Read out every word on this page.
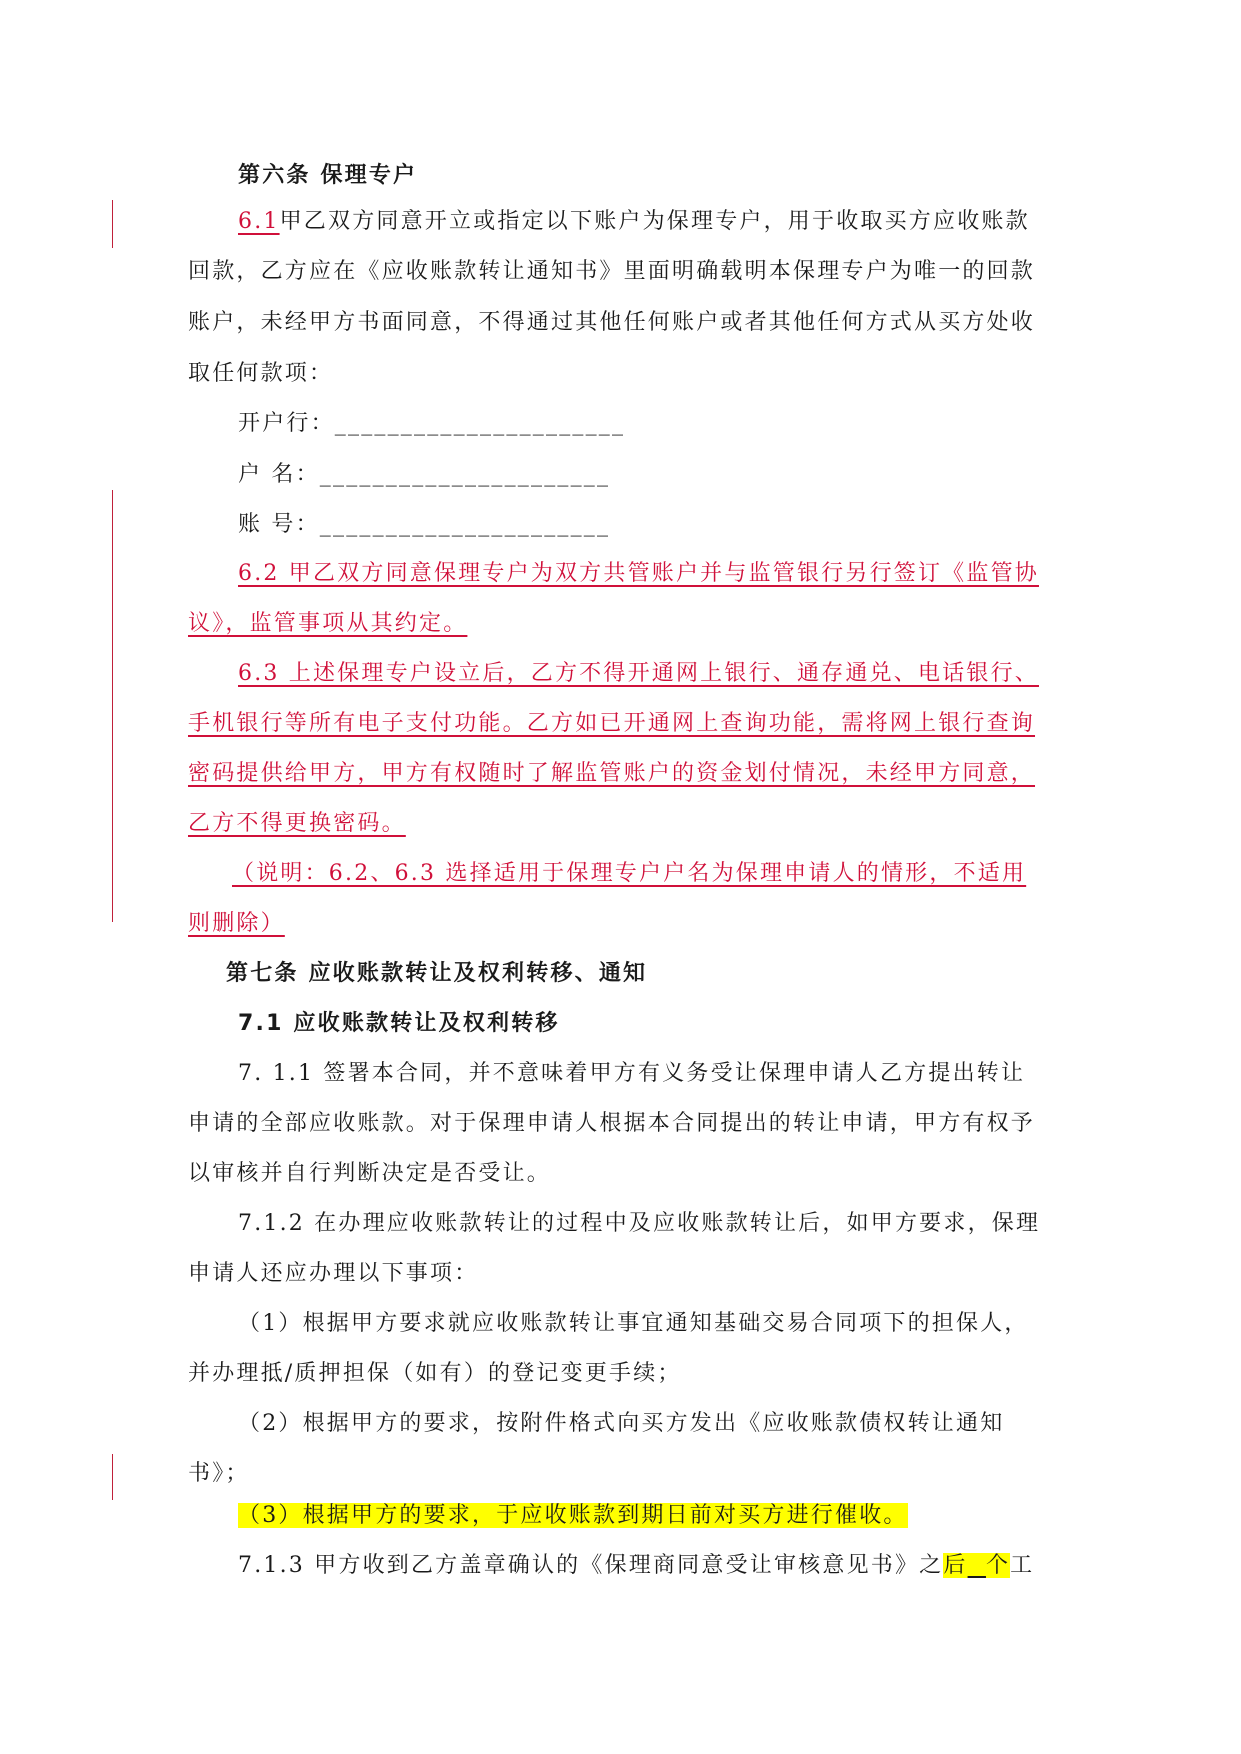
第六条 保理专户
6.1甲乙双方同意开立或指定以下账户为保理专户，用于收取买方应收账款
回款，乙方应在《应收账款转让通知书》里面明确载明本保理专户为唯一的回款
账户，未经甲方书面同意，不得通过其他任何账户或者其他任何方式从买方处收
取任何款项：
开户行：______________________
户 名：______________________
账 号：______________________
6.2 甲乙双方同意保理专户为双方共管账户并与监管银行另行签订《监管协
议》，监管事项从其约定。
6.3 上述保理专户设立后，乙方不得开通网上银行、通存通兑、电话银行、
手机银行等所有电子支付功能。乙方如已开通网上查询功能，需将网上银行查询
密码提供给甲方，甲方有权随时了解监管账户的资金划付情况，未经甲方同意，
乙方不得更换密码。
（说明：6.2、6.3 选择适用于保理专户户名为保理申请人的情形，不适用
则删除）
第七条 应收账款转让及权利转移、通知
7.1 应收账款转让及权利转移
7. 1.1 签署本合同，并不意味着甲方有义务受让保理申请人乙方提出转让
申请的全部应收账款。对于保理申请人根据本合同提出的转让申请，甲方有权予
以审核并自行判断决定是否受让。
7.1.2 在办理应收账款转让的过程中及应收账款转让后，如甲方要求，保理
申请人还应办理以下事项：
（1）根据甲方要求就应收账款转让事宜通知基础交易合同项下的担保人，
并办理抵/质押担保（如有）的登记变更手续；
（2）根据甲方的要求，按附件格式向买方发出《应收账款债权转让通知
书》；
（3）根据甲方的要求，于应收账款到期日前对买方进行催收。
7.1.3 甲方收到乙方盖章确认的《保理商同意受让审核意见书》之后 个工
